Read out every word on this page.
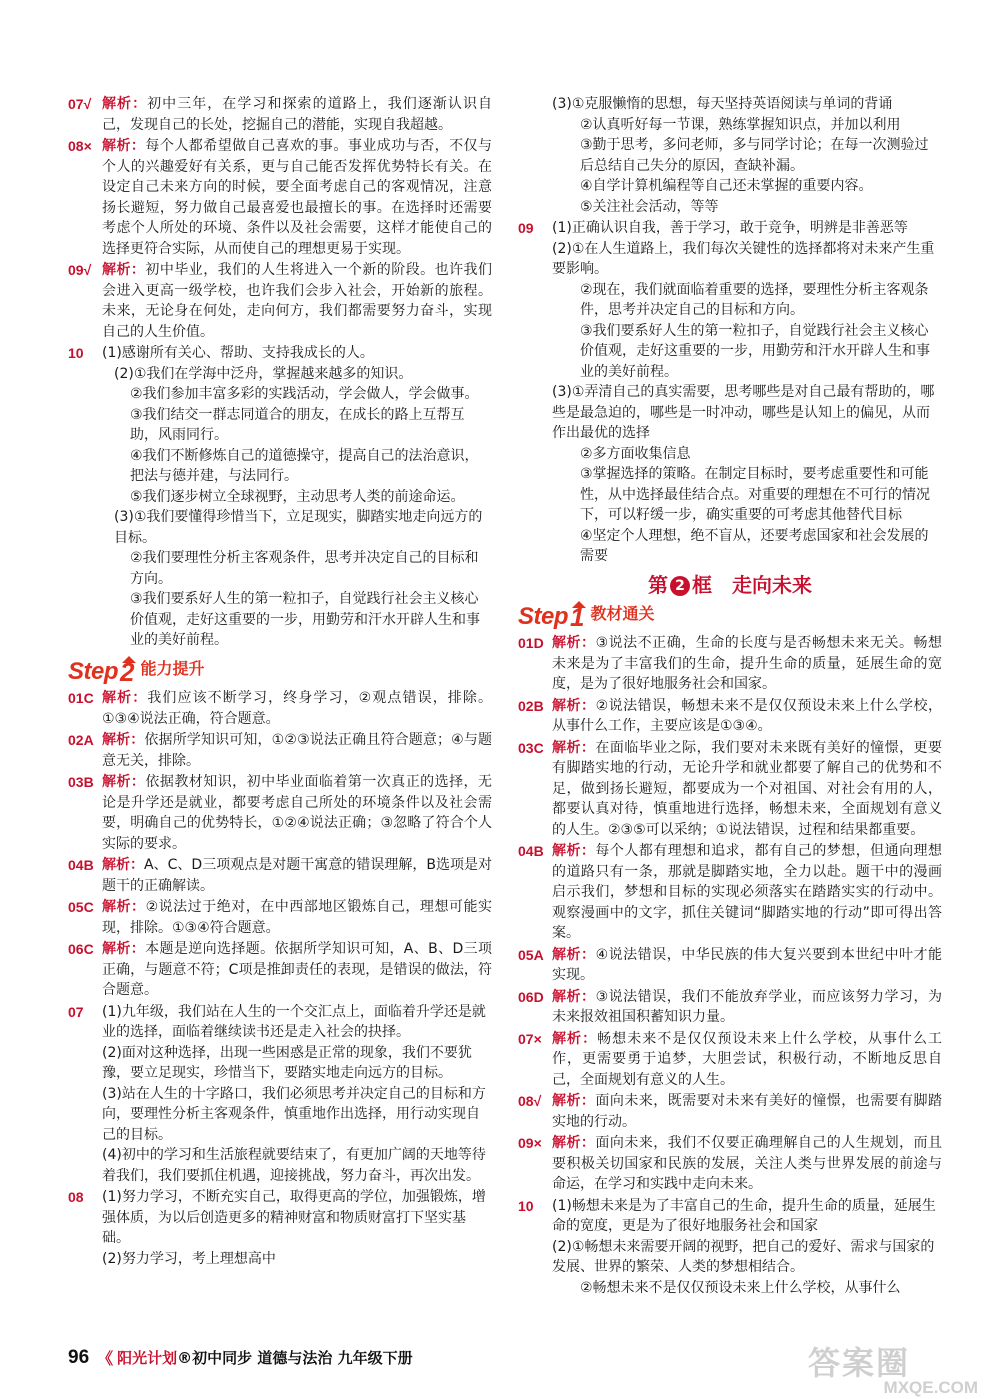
07√ 解析：初中三年，在学习和探索的道路上，我们逐渐认识自己，发现自己的长处，挖掘自己的潜能，实现自我超越。
08× 解析：每个人都希望做自己喜欢的事。事业成功与否，不仅与个人的兴趣爱好有关系，更与自己能否发挥优势特长有关。在设定自己未来方向的时候，要全面考虑自己的客观情况，注意扬长避短，努力做自己最喜爱也最擅长的事。在选择时还需要考虑个人所处的环境、条件以及社会需要，这样才能使自己的选择更符合实际，从而使自己的理想更易于实现。
09√ 解析：初中毕业，我们的人生将进入一个新的阶段。也许我们会进入更高一级学校，也许我们会步入社会，开始新的旅程。未来，无论身在何处，走向何方，我们都需要努力奋斗，实现自己的人生价值。
10 (1)感谢所有关心、帮助、支持我成长的人。
(2)①我们在学海中泛舟，掌握越来越多的知识。
②我们参加丰富多彩的实践活动，学会做人，学会做事。
③我们结交一群志同道合的朋友，在成长的路上互帮互助，风雨同行。
④我们不断修炼自己的道德操守，提高自己的法治意识，把法与德并建，与法同行。
⑤我们逐步树立全球视野，主动思考人类的前途命运。
(3)①我们要懂得珍惜当下，立足现实，脚踏实地走向远方的目标。
②我们要理性分析主客观条件，思考并决定自己的目标和方向。
③我们要系好人生的第一粒扣子，自觉践行社会主义核心价值观，走好这重要的一步，用勤劳和汗水开辟人生和事业的美好前程。
Step 2 能力提升
01C 解析：我们应该不断学习，终身学习，②观点错误，排除。①③④说法正确，符合题意。
02A 解析：依据所学知识可知，①②③说法正确且符合题意；④与题意无关，排除。
03B 解析：依据教材知识，初中毕业面临着第一次真正的选择，无论是升学还是就业，都要考虑自己所处的环境条件以及社会需要，明确自己的优势特长，①②④说法正确；③忽略了符合个人实际的要求。
04B 解析：A、C、D三项观点是对题干寓意的错误理解，B选项是对题干的正确解读。
05C 解析：②说法过于绝对，在中西部地区锻炼自己，理想可能实现，排除。①③④符合题意。
06C 解析：本题是逆向选择题。依据所学知识可知，A、B、D三项正确，与题意不符；C项是推卸责任的表现，是错误的做法，符合题意。
07 (1)九年级，我们站在人生的一个交汇点上，面临着升学还是就业的选择，面临着继续读书还是走入社会的抉择。
(2)面对这种选择，出现一些困惑是正常的现象，我们不要犹豫，要立足现实，珍惜当下，要踏实地走向远方的目标。
(3)站在人生的十字路口，我们必须思考并决定自己的目标和方向，要理性分析主客观条件，慎重地作出选择，用行动实现自己的目标。
(4)初中的学习和生活旅程就要结束了，有更加广阔的天地等待着我们，我们要抓住机遇，迎接挑战，努力奋斗，再次出发。
08 (1)努力学习，不断充实自己，取得更高的学位，加强锻炼，增强体质，为以后创造更多的精神财富和物质财富打下坚实基础。
(2)努力学习，考上理想高中
(3)①克服懒惰的思想，每天坚持英语阅读与单词的背诵
②认真听好每一节课，熟练掌握知识点，并加以利用
③勤于思考，多问老师，多与同学讨论；在每一次测验过后总结自己失分的原因，查缺补漏。
④自学计算机编程等自己还未掌握的重要内容。
⑤关注社会活动，等等
09 (1)正确认识自我，善于学习，敢于竞争，明辨是非善恶等
(2)①在人生道路上，我们每次关键性的选择都将对未来产生重要影响。
②现在，我们就面临着重要的选择，要理性分析主客观条件，思考并决定自己的目标和方向。
③我们要系好人生的第一粒扣子，自觉践行社会主义核心价值观，走好这重要的一步，用勤劳和汗水开辟人生和事业的美好前程。
(3)①弄清自己的真实需要，思考哪些是对自己最有帮助的，哪些是最急迫的，哪些是一时冲动，哪些是认知上的偏见，从而作出最优的选择
②多方面收集信息
③掌握选择的策略。在制定目标时，要考虑重要性和可能性，从中选择最佳结合点。对重要的理想在不可行的情况下，可以籽缓一步，确实重要的可考虑其他替代目标
④坚定个人理想，绝不盲从，还要考虑国家和社会发展的需要
第 2 框　走向未来
Step 1 教材通关
01D 解析：③说法不正确，生命的长度与是否畅想未来无关。畅想未来是为了丰富我们的生命，提升生命的质量，延展生命的宽度，是为了很好地服务社会和国家。
02B 解析：②说法错误，畅想未来不是仅仅预设未来上什么学校，从事什么工作，主要应该是①③④。
03C 解析：在面临毕业之际，我们要对未来既有美好的憧憬，更要有脚踏实地的行动，无论升学和就业都要了解自己的优势和不足，做到扬长避短，都要成为一个对祖国、对社会有用的人，都要认真对待，慎重地进行选择，畅想未来，全面规划有意义的人生。②③⑤可以采纳；①说法错误，过程和结果都重要。
04B 解析：每个人都有理想和追求，都有自己的梦想，但通向理想的道路只有一条，那就是脚踏实地，全力以赴。题干中的漫画启示我们，梦想和目标的实现必须落实在踏踏实实的行动中。观察漫画中的文字，抓住关键词“脚踏实地的行动”即可得出答案。
05A 解析：④说法错误，中华民族的伟大复兴要到本世纪中叶才能实现。
06D 解析：③说法错误，我们不能放弃学业，而应该努力学习，为未来报效祖国积蓄知识力量。
07× 解析：畅想未来不是仅仅预设未来上什么学校，从事什么工作，更需要勇于追梦，大胆尝试，积极行动，不断地反思自己，全面规划有意义的人生。
08√ 解析：面向未来，既需要对未来有美好的憧憬，也需要有脚踏实地的行动。
09× 解析：面向未来，我们不仅要正确理解自己的人生规划，而且要积极关切国家和民族的发展，关注人类与世界发展的前途与命运，在学习和实践中走向未来。
10 (1)畅想未来是为了丰富自己的生命，提升生命的质量，延展生命的宽度，更是为了很好地服务社会和国家
(2)①畅想未来需要开阔的视野，把自己的爱好、需求与国家的发展、世界的繁荣、人类的梦想相结合。
②畅想未来不是仅仅预设未来上什么学校，从事什么
96 《 阳光计划 ® 初中同步 道德与法治 九年级下册	答案圈
MXQE.COM
